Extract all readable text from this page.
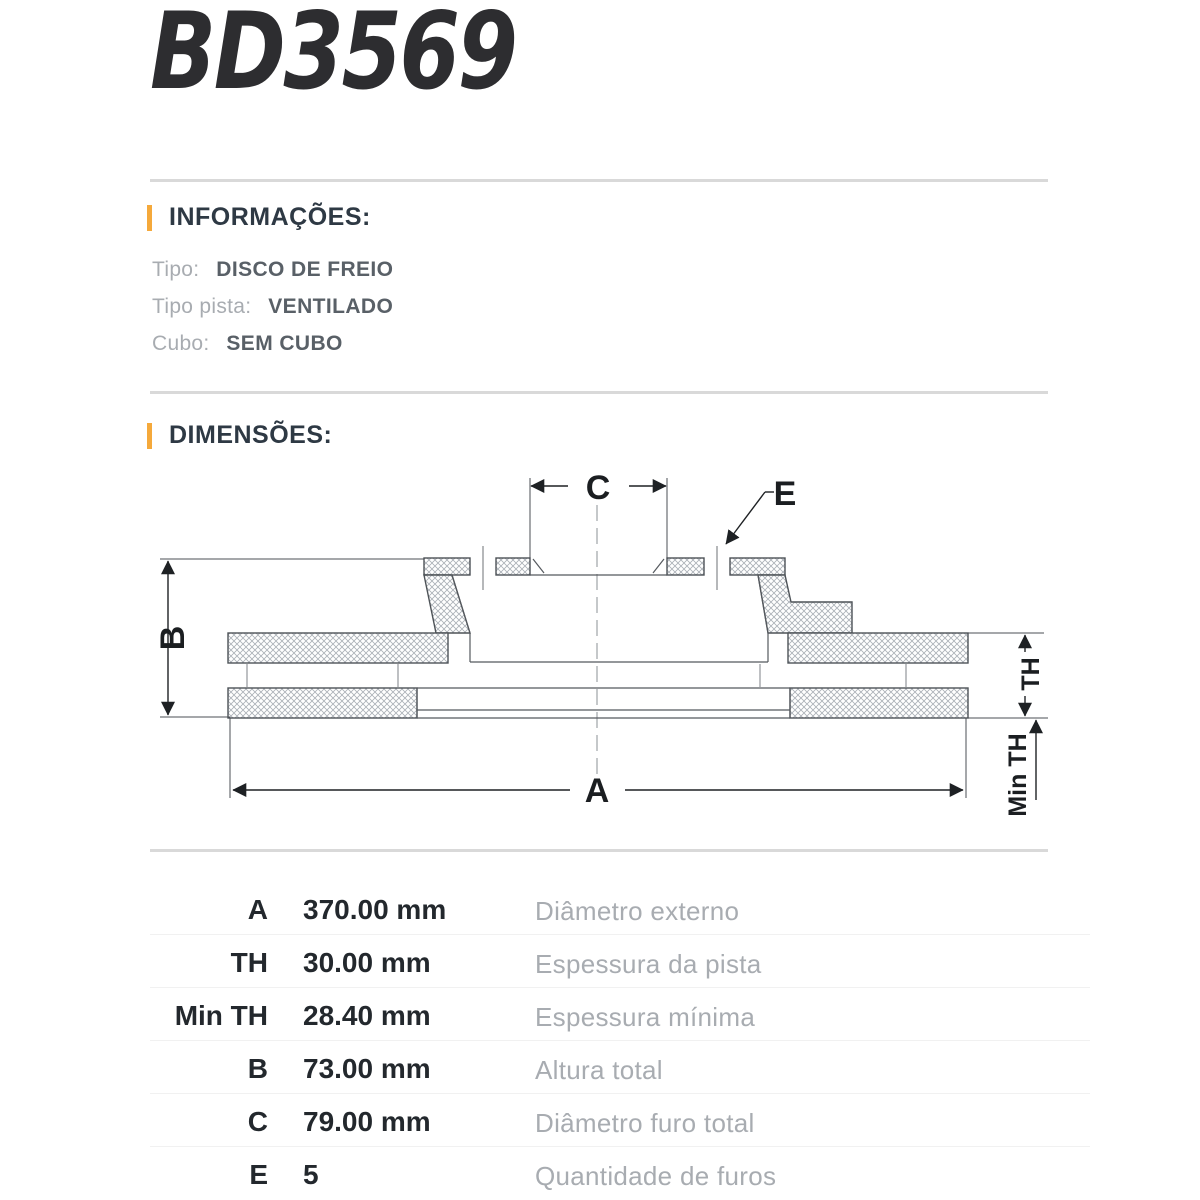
BD3569
INFORMAÇÕES:
Tipo: DISCO DE FREIO
Tipo pista: VENTILADO
Cubo: SEM CUBO
DIMENSÕES:
A
B
C	E
TH
Min TH
A 370.00 mm	Diâmetro externo
TH 30.00 mm	Espessura da pista
Min TH 28.40 mm	Espessura mínima
B 73.00 mm	Altura total
C 79.00 mm	Diâmetro furo total
E 5	Quantidade de furos
